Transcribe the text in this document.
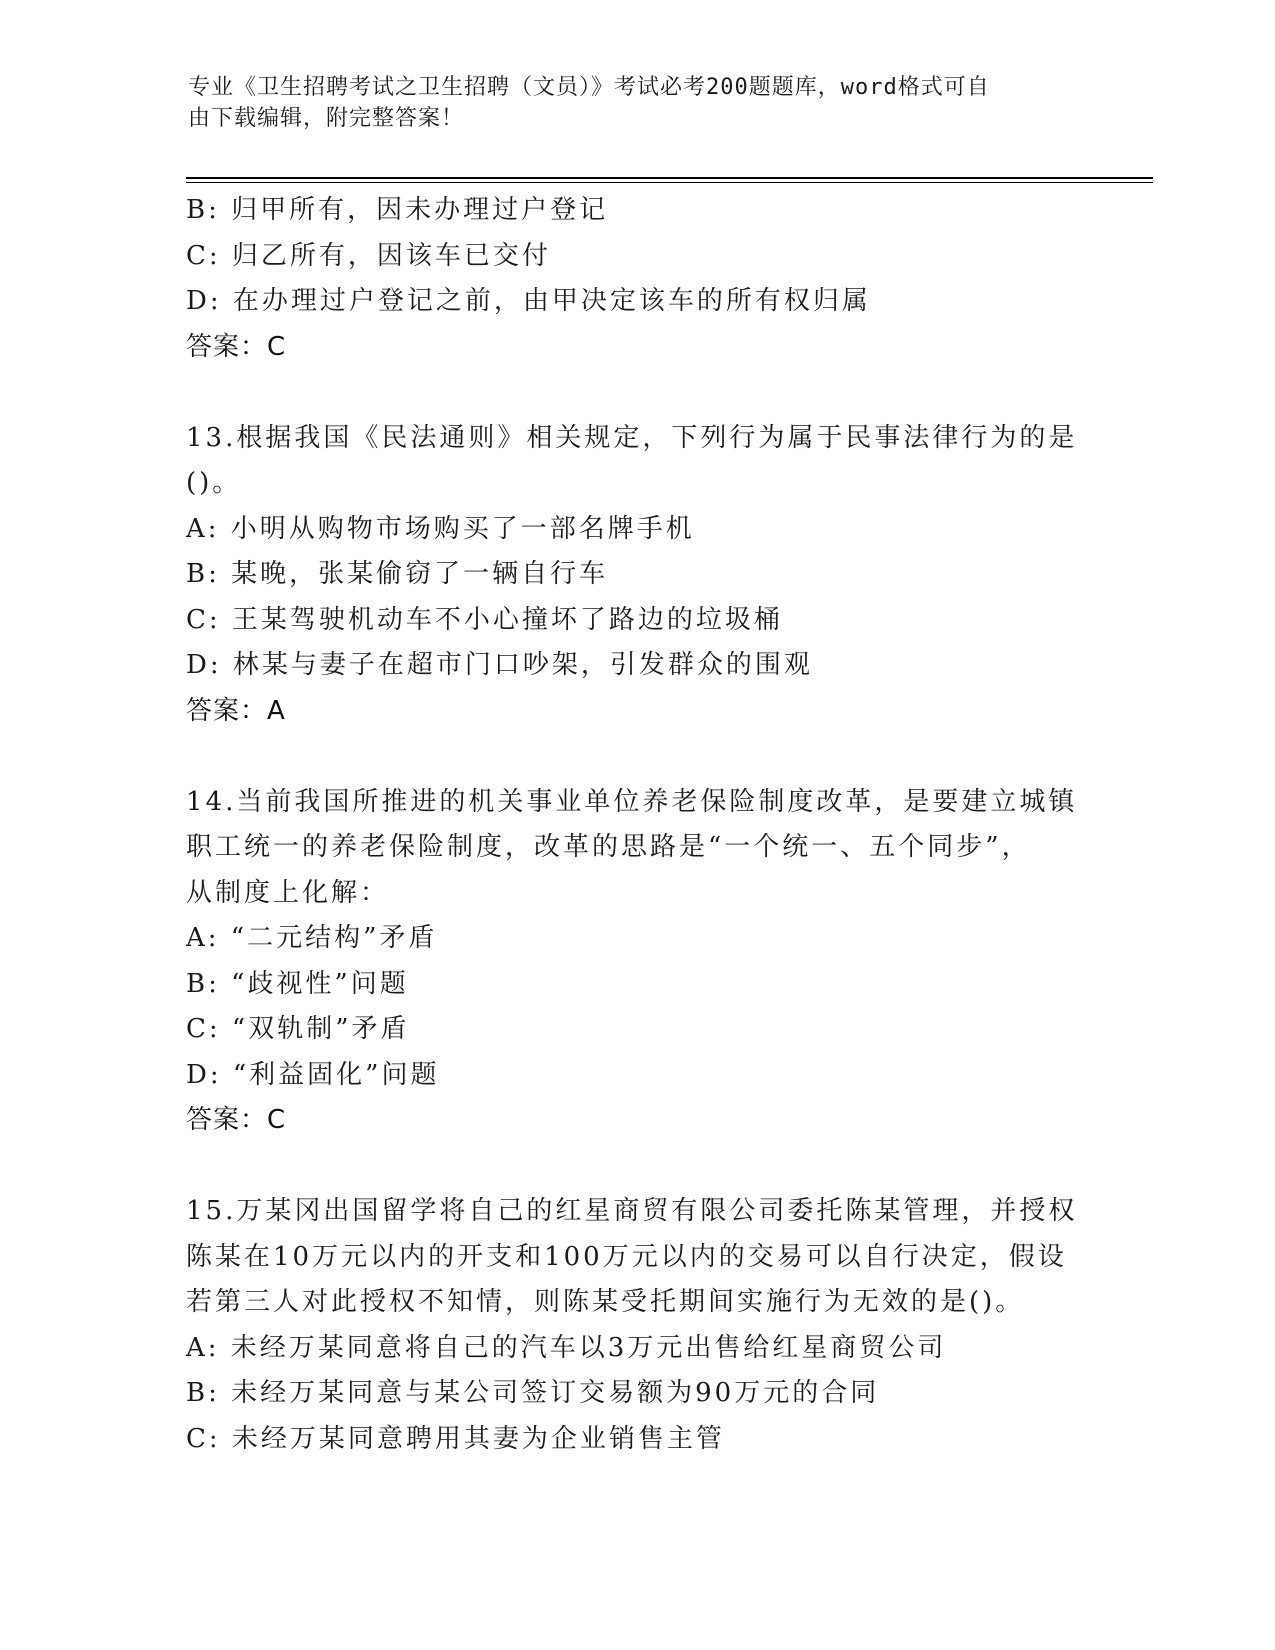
专业《卫生招聘考试之卫生招聘（文员）》考试必考200题题库，word格式可自
由下载编辑，附完整答案！
B: 归甲所有，因未办理过户登记
C: 归乙所有，因该车已交付
D: 在办理过户登记之前，由甲决定该车的所有权归属
答案：C
13.根据我国《民法通则》相关规定，下列行为属于民事法律行为的是
()。
A: 小明从购物市场购买了一部名牌手机
B: 某晚，张某偷窃了一辆自行车
C: 王某驾驶机动车不小心撞坏了路边的垃圾桶
D: 林某与妻子在超市门口吵架，引发群众的围观
答案：A
14.当前我国所推进的机关事业单位养老保险制度改革，是要建立城镇
职工统一的养老保险制度，改革的思路是“一个统一、五个同步”，
从制度上化解：
A: “二元结构”矛盾
B: “歧视性”问题
C: “双轨制”矛盾
D: “利益固化”问题
答案：C
15.万某冈出国留学将自己的红星商贸有限公司委托陈某管理，并授权
陈某在10万元以内的开支和100万元以内的交易可以自行决定，假设
若第三人对此授权不知情，则陈某受托期间实施行为无效的是()。
A: 未经万某同意将自己的汽车以3万元出售给红星商贸公司
B: 未经万某同意与某公司签订交易额为90万元的合同
C: 未经万某同意聘用其妻为企业销售主管
